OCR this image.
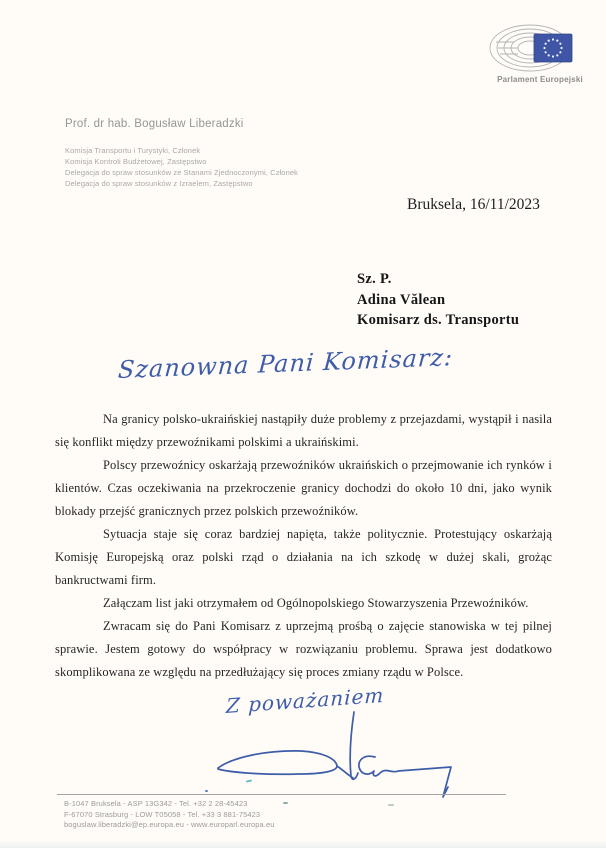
Prof. dr hab. Bogusław Liberadzki
Komisja Transportu i Turystyki, Członek
Komisja Kontroli Budżetowej, Zastępstwo
Delegacja do spraw stosunków ze Stanami Zjednoczonymi, Członek
Delegacja do spraw stosunków z Izraelem, Zastępstwo
Parlament Europejski
Bruksela, 16/11/2023
Sz. P.
Adina Vălean
Komisarz ds. Transportu
Szanowna Pani Komisarz:

Na granicy polsko-ukraińskiej nastąpiły duże problemy z przejazdami, wystąpił i nasila się konflikt między przewoźnikami polskimi a ukraińskimi.

Polscy przewoźnicy oskarżają przewoźników ukraińskich o przejmowanie ich rynków i klientów. Czas oczekiwania na przekroczenie granicy dochodzi do około 10 dni, jako wynik blokady przejść granicznych przez polskich przewoźników.

Sytuacja staje się coraz bardziej napięta, także politycznie. Protestujący oskarżają Komisję Europejską oraz polski rząd o działania na ich szkodę w dużej skali, grożąc bankructwami firm.

Załączam list jaki otrzymałem od Ogólnopolskiego Stowarzyszenia Przewoźników.

Zwracam się do Pani Komisarz z uprzejmą prośbą o zajęcie stanowiska w tej pilnej sprawie. Jestem gotowy do współpracy w rozwiązaniu problemu. Sprawa jest dodatkowo skomplikowana ze względu na przedłużający się proces zmiany rządu w Polsce.

Z poważaniem
B-1047 Bruksela - ASP 13G342 - Tel. +32 2 28-45423
F-67070 Strasburg - LOW T05058 - Tel. +33 3 881-75423
boguslaw.liberadzki@ep.europa.eu - www.europarl.europa.eu
